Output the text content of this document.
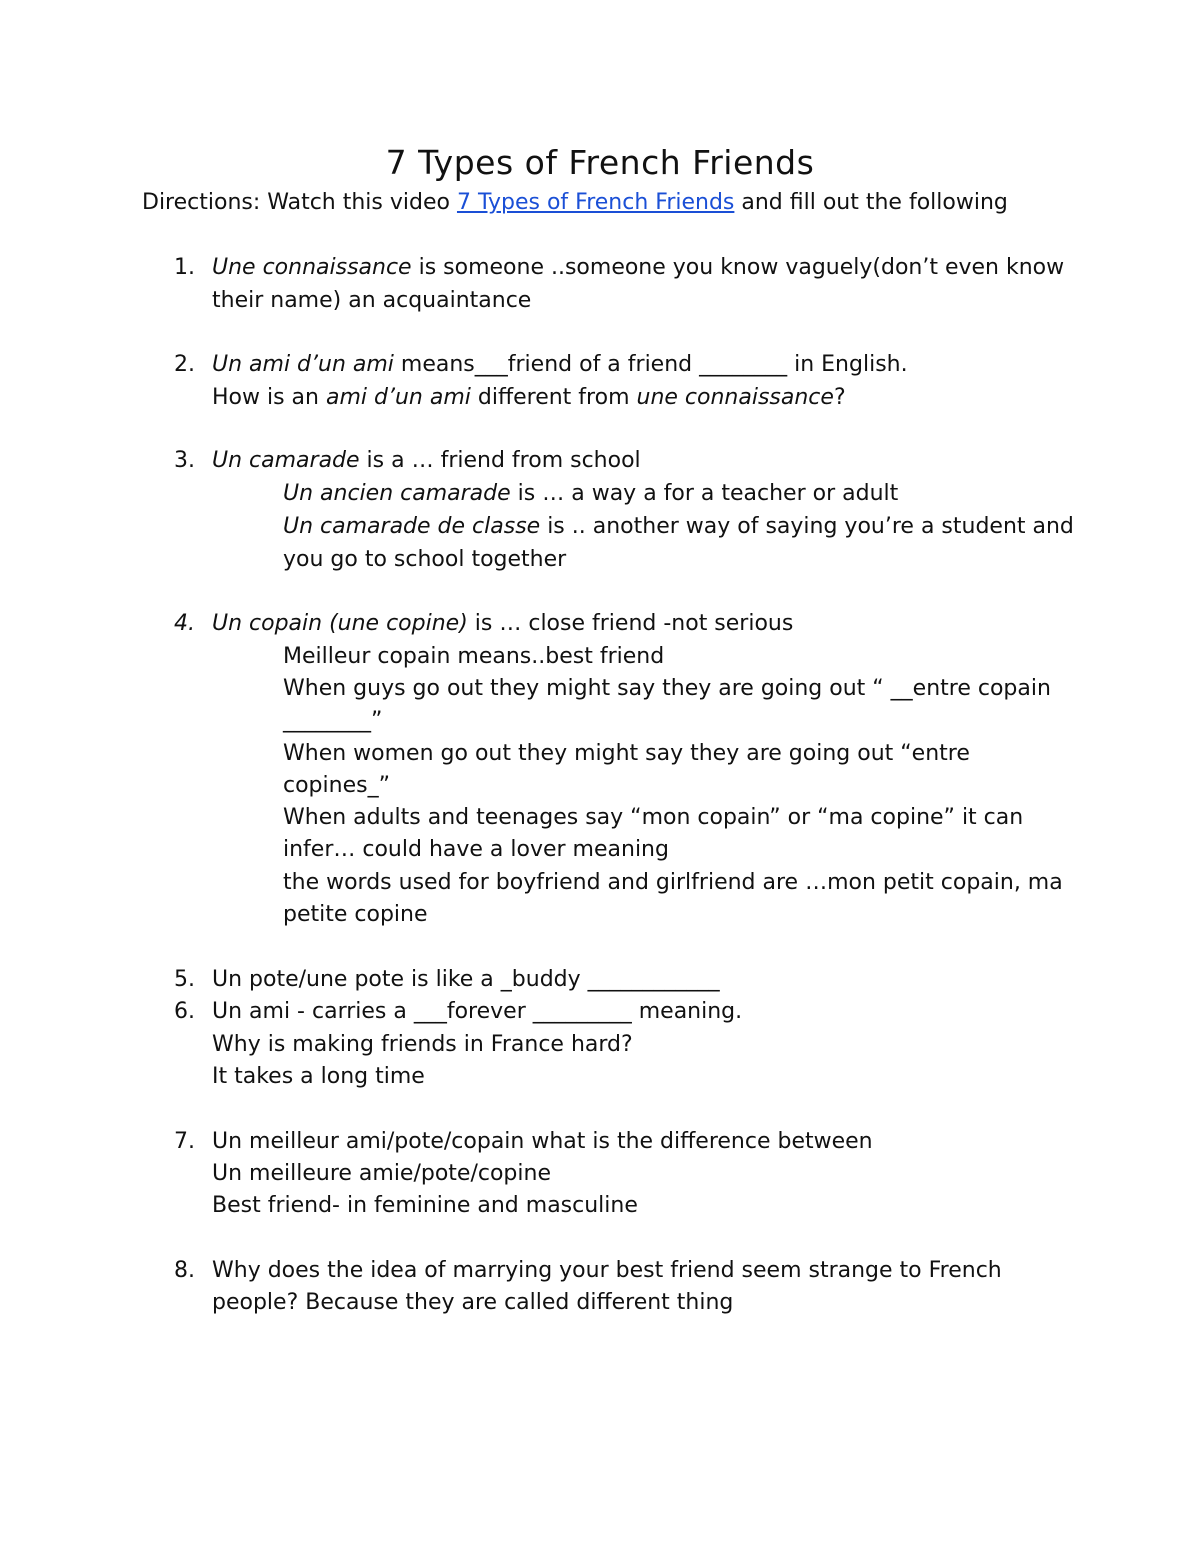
7 Types of French Friends
Directions: Watch this video 7 Types of French Friends and fill out the following
1. Une connaissance is someone ..someone you know vaguely(don’t even know
their name) an acquaintance
2. Un ami d’un ami means___friend of a friend ________ in English.
How is an ami d’un ami different from une connaissance?
3. Un camarade is a … friend from school
Un ancien camarade is … a way a for a teacher or adult
Un camarade de classe is .. another way of saying you’re a student and
you go to school together
4. Un copain (une copine) is … close friend -not serious
Meilleur copain means..best friend
When guys go out they might say they are going out “ __entre copain
________”
When women go out they might say they are going out “entre
copines_”
When adults and teenages say “mon copain” or “ma copine” it can
infer… could have a lover meaning
the words used for boyfriend and girlfriend are …mon petit copain, ma
petite copine
5. Un pote/une pote is like a _buddy ____________
6. Un ami - carries a ___forever _________ meaning.
Why is making friends in France hard?
It takes a long time
7. Un meilleur ami/pote/copain what is the difference between
Un meilleure amie/pote/copine
Best friend- in feminine and masculine
8. Why does the idea of marrying your best friend seem strange to French
people? Because they are called different thing
